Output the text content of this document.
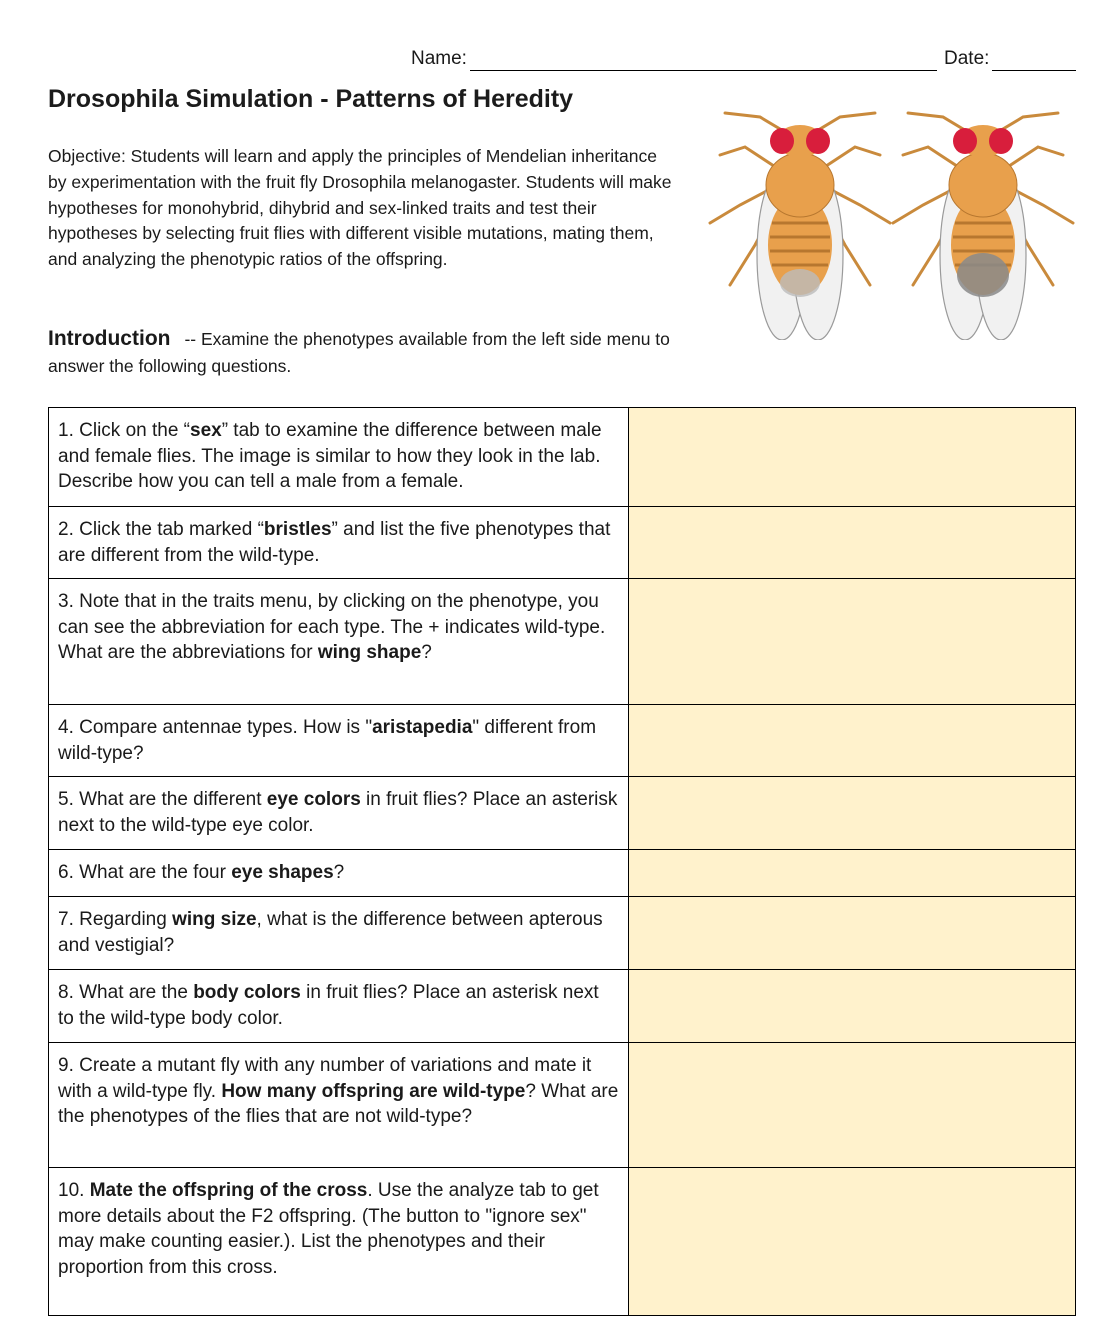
Name:	Date:
Drosophila Simulation - Patterns of Heredity
Objective: Students will learn and apply the principles of Mendelian inheritance by experimentation with the fruit fly Drosophila melanogaster. Students will make hypotheses for monohybrid, dihybrid and sex-linked traits and test their hypotheses by selecting fruit flies with different visible mutations, mating them, and analyzing the phenotypic ratios of the offspring.
Introduction -- Examine the phenotypes available from the left side menu to answer the following questions.
1. Click on the “sex” tab to examine the difference between male and female flies. The image is similar to how they look in the lab. Describe how you can tell a male from a female.	
2. Click the tab marked “bristles” and list the five phenotypes that are different from the wild-type.	
3. Note that in the traits menu, by clicking on the phenotype, you can see the abbreviation for each type. The + indicates wild-type. What are the abbreviations for wing shape?	
4. Compare antennae types. How is "aristapedia" different from wild-type?	
5. What are the different eye colors in fruit flies? Place an asterisk next to the wild-type eye color.	
6. What are the four eye shapes?	
7. Regarding wing size, what is the difference between apterous and vestigial?	
8. What are the body colors in fruit flies? Place an asterisk next to the wild-type body color.	
9. Create a mutant fly with any number of variations and mate it with a wild-type fly. How many offspring are wild-type? What are the phenotypes of the flies that are not wild-type?	
10. Mate the offspring of the cross. Use the analyze tab to get more details about the F2 offspring. (The button to "ignore sex" may make counting easier.). List the phenotypes and their proportion from this cross.	
